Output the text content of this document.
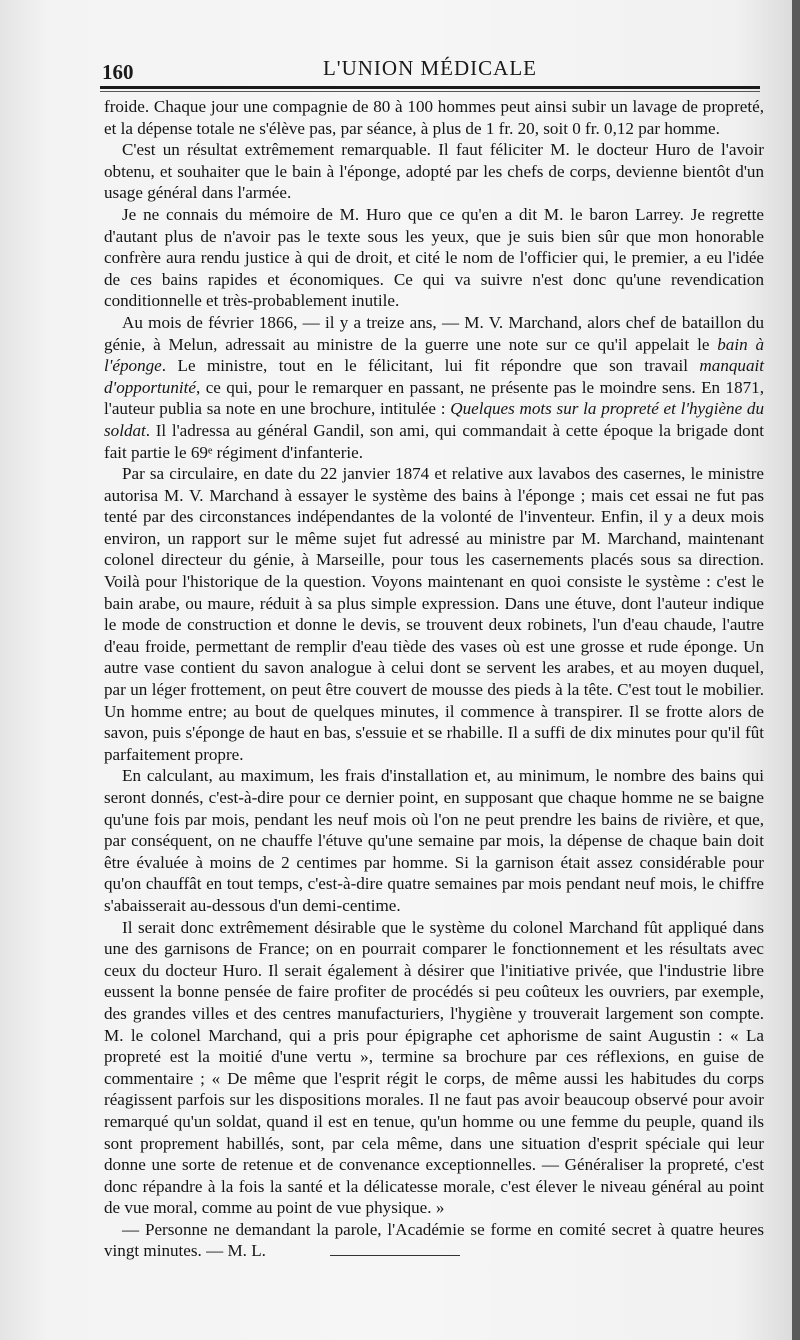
160	L'UNION MÉDICALE

froide. Chaque jour une compagnie de 80 à 100 hommes peut ainsi subir un lavage de propreté, et la dépense totale ne s'élève pas, par séance, à plus de 1 fr. 20, soit 0 fr. 0,12 par homme.

C'est un résultat extrêmement remarquable. Il faut féliciter M. le docteur Huro de l'avoir obtenu, et souhaiter que le bain à l'éponge, adopté par les chefs de corps, devienne bientôt d'un usage général dans l'armée.

Je ne connais du mémoire de M. Huro que ce qu'en a dit M. le baron Larrey. Je regrette d'autant plus de n'avoir pas le texte sous les yeux, que je suis bien sûr que mon honorable confrère aura rendu justice à qui de droit, et cité le nom de l'officier qui, le premier, a eu l'idée de ces bains rapides et économiques. Ce qui va suivre n'est donc qu'une revendication conditionnelle et très-probablement inutile.

Au mois de février 1866, — il y a treize ans, — M. V. Marchand, alors chef de bataillon du génie, à Melun, adressait au ministre de la guerre une note sur ce qu'il appelait le bain à l'éponge. Le ministre, tout en le félicitant, lui fit répondre que son travail manquait d'opportunité, ce qui, pour le remarquer en passant, ne présente pas le moindre sens. En 1871, l'auteur publia sa note en une brochure, intitulée : Quelques mots sur la propreté et l'hygiène du soldat. Il l'adressa au général Gandil, son ami, qui commandait à cette époque la brigade dont fait partie le 69ᵉ régiment d'infanterie.

Par sa circulaire, en date du 22 janvier 1874 et relative aux lavabos des casernes, le ministre autorisa M. V. Marchand à essayer le système des bains à l'éponge ; mais cet essai ne fut pas tenté par des circonstances indépendantes de la volonté de l'inventeur. Enfin, il y a deux mois environ, un rapport sur le même sujet fut adressé au ministre par M. Marchand, maintenant colonel directeur du génie, à Marseille, pour tous les casernements placés sous sa direction. Voilà pour l'historique de la question. Voyons maintenant en quoi consiste le système : c'est le bain arabe, ou maure, réduit à sa plus simple expression. Dans une étuve, dont l'auteur indique le mode de construction et donne le devis, se trouvent deux robinets, l'un d'eau chaude, l'autre d'eau froide, permettant de remplir d'eau tiède des vases où est une grosse et rude éponge. Un autre vase contient du savon analogue à celui dont se servent les arabes, et au moyen duquel, par un léger frottement, on peut être couvert de mousse des pieds à la tête. C'est tout le mobilier. Un homme entre; au bout de quelques minutes, il commence à transpirer. Il se frotte alors de savon, puis s'éponge de haut en bas, s'essuie et se rhabille. Il a suffi de dix minutes pour qu'il fût parfaitement propre.

En calculant, au maximum, les frais d'installation et, au minimum, le nombre des bains qui seront donnés, c'est-à-dire pour ce dernier point, en supposant que chaque homme ne se baigne qu'une fois par mois, pendant les neuf mois où l'on ne peut prendre les bains de rivière, et que, par conséquent, on ne chauffe l'étuve qu'une semaine par mois, la dépense de chaque bain doit être évaluée à moins de 2 centimes par homme. Si la garnison était assez considérable pour qu'on chauffât en tout temps, c'est-à-dire quatre semaines par mois pendant neuf mois, le chiffre s'abaisserait au-dessous d'un demi-centime.

Il serait donc extrêmement désirable que le système du colonel Marchand fût appliqué dans une des garnisons de France; on en pourrait comparer le fonctionnement et les résultats avec ceux du docteur Huro. Il serait également à désirer que l'initiative privée, que l'industrie libre eussent la bonne pensée de faire profiter de procédés si peu coûteux les ouvriers, par exemple, des grandes villes et des centres manufacturiers, l'hygiène y trouverait largement son compte. M. le colonel Marchand, qui a pris pour épigraphe cet aphorisme de saint Augustin : « La propreté est la moitié d'une vertu », termine sa brochure par ces réflexions, en guise de commentaire ; « De même que l'esprit régit le corps, de même aussi les habitudes du corps réagissent parfois sur les dispositions morales. Il ne faut pas avoir beaucoup observé pour avoir remarqué qu'un soldat, quand il est en tenue, qu'un homme ou une femme du peuple, quand ils sont proprement habillés, sont, par cela même, dans une situation d'esprit spéciale qui leur donne une sorte de retenue et de convenance exceptionnelles. — Généraliser la propreté, c'est donc répandre à la fois la santé et la délicatesse morale, c'est élever le niveau général au point de vue moral, comme au point de vue physique. »

— Personne ne demandant la parole, l'Académie se forme en comité secret à quatre heures vingt minutes. — M. L.
